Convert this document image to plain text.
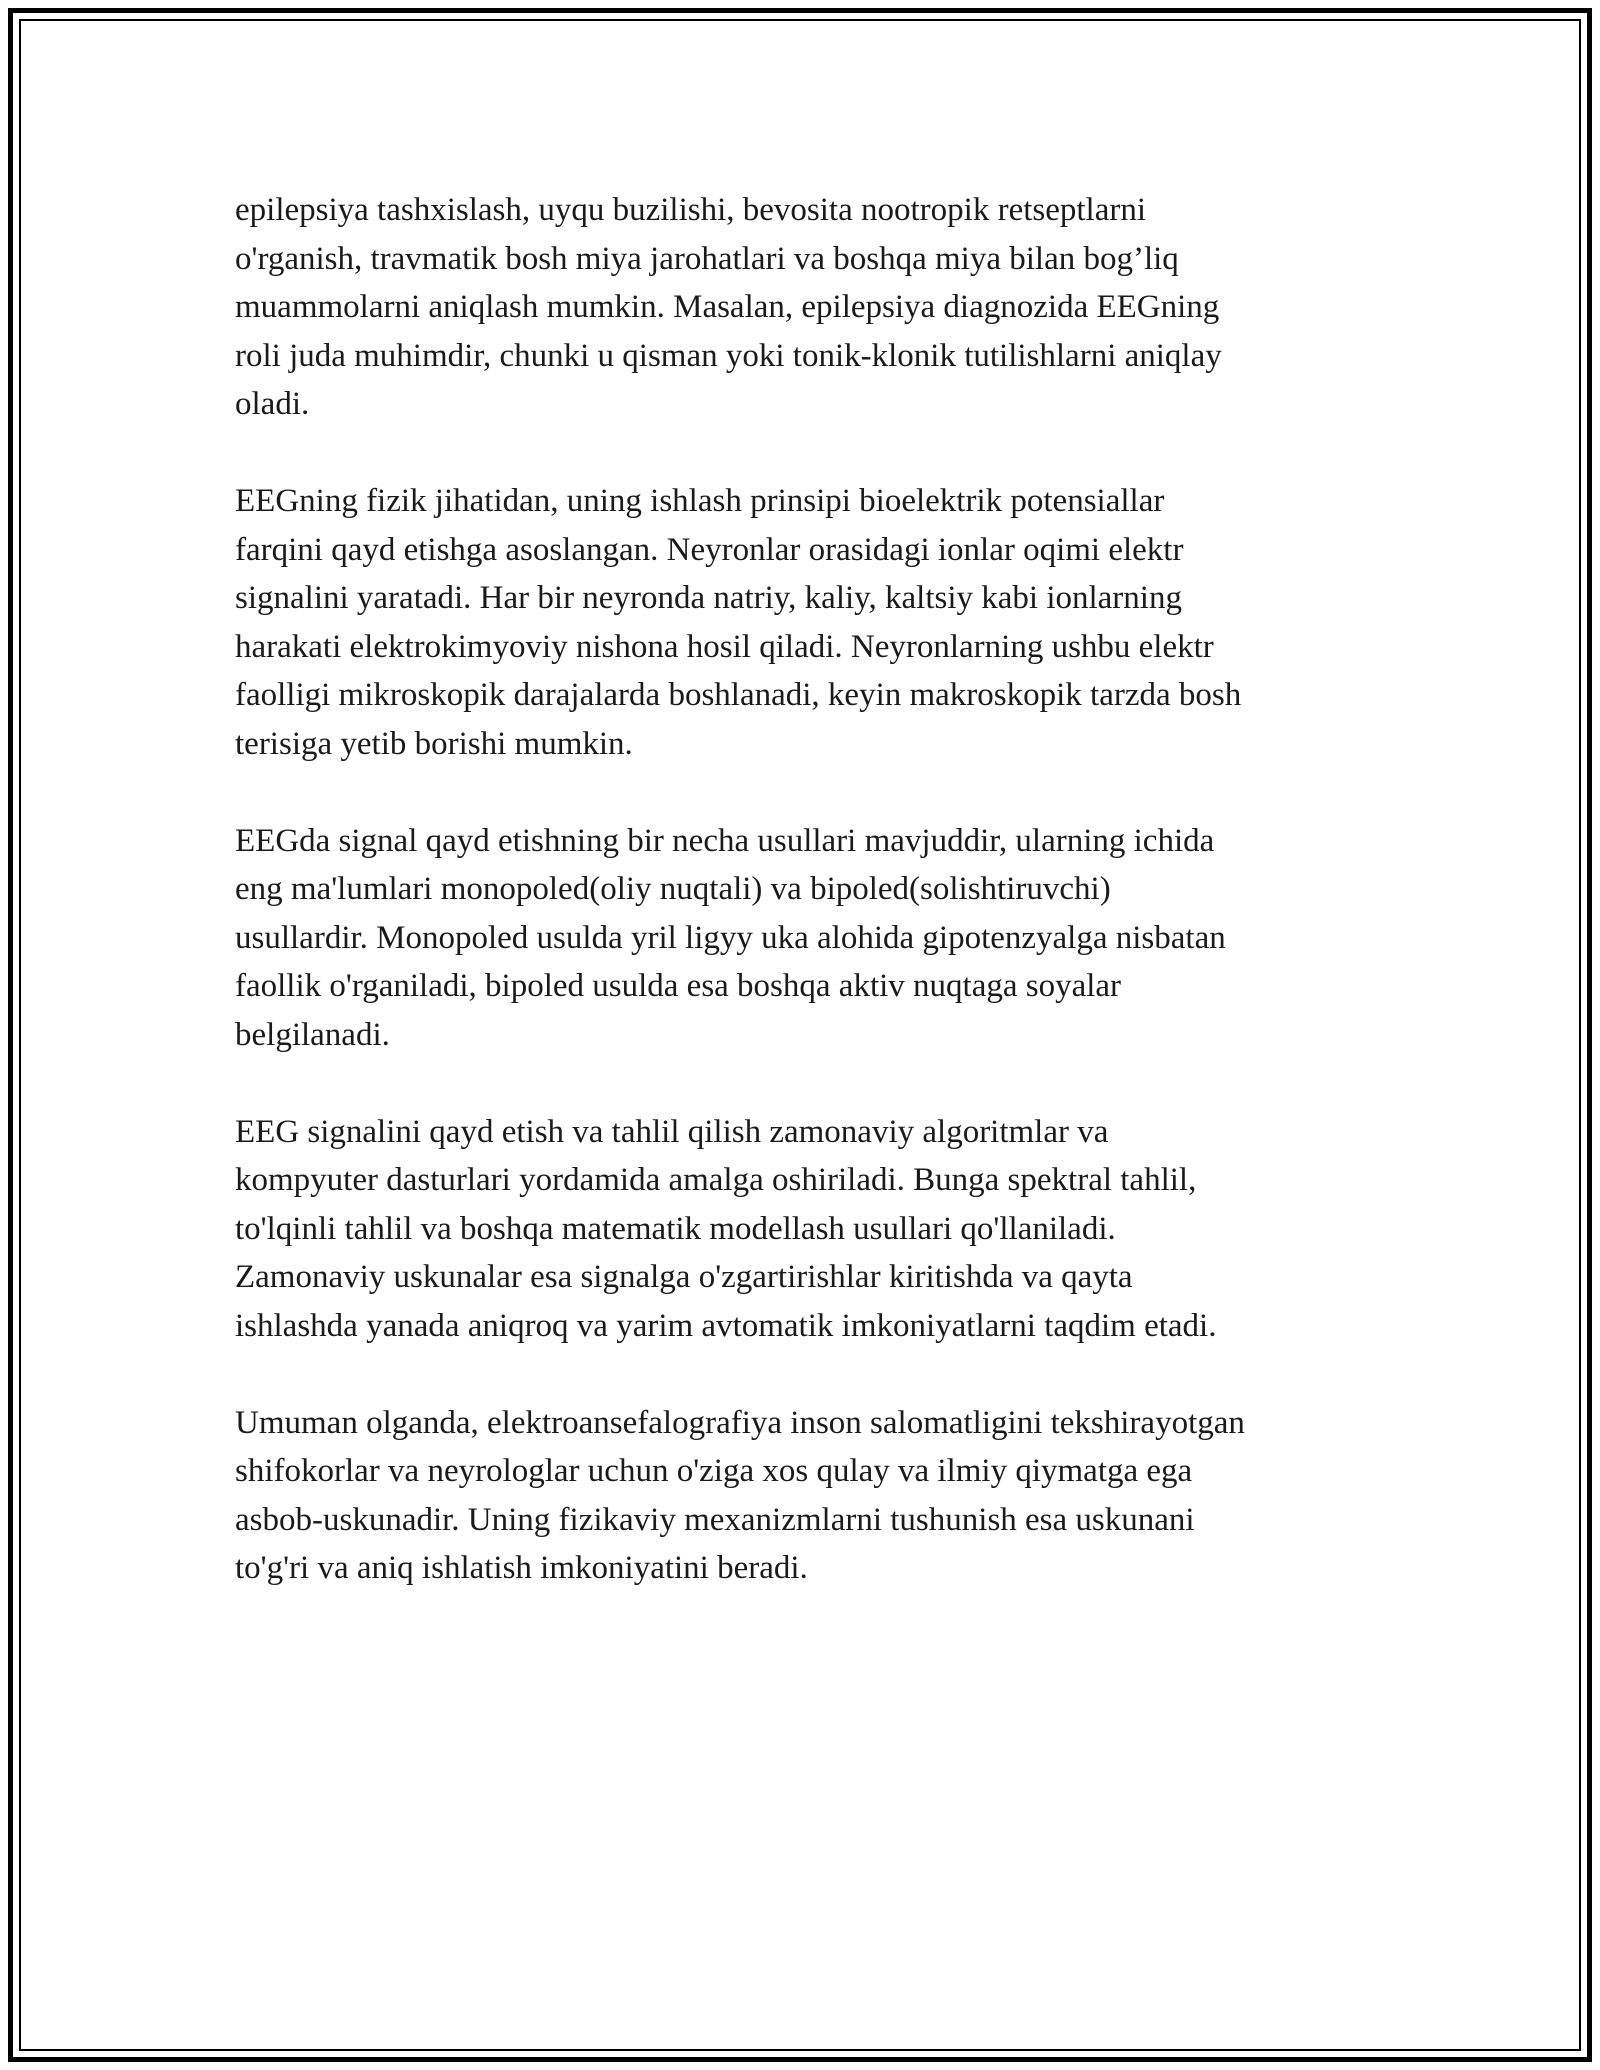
epilepsiya tashxislash, uyqu buzilishi, bevosita nootropik retseptlarni
o'rganish, travmatik bosh miya jarohatlari va boshqa miya bilan bog’liq
muammolarni aniqlash mumkin. Masalan, epilepsiya diagnozida EEGning
roli juda muhimdir, chunki u qisman yoki tonik-klonik tutilishlarni aniqlay
oladi.

EEGning fizik jihatidan, uning ishlash prinsipi bioelektrik potensiallar
farqini qayd etishga asoslangan. Neyronlar orasidagi ionlar oqimi elektr
signalini yaratadi. Har bir neyronda natriy, kaliy, kaltsiy kabi ionlarning
harakati elektrokimyoviy nishona hosil qiladi. Neyronlarning ushbu elektr
faolligi mikroskopik darajalarda boshlanadi, keyin makroskopik tarzda bosh
terisiga yetib borishi mumkin.

EEGda signal qayd etishning bir necha usullari mavjuddir, ularning ichida
eng ma'lumlari monopoled(oliy nuqtali) va bipoled(solishtiruvchi)
usullardir. Monopoled usulda yril ligyy uka alohida gipotenzyalga nisbatan
faollik o'rganiladi, bipoled usulda esa boshqa aktiv nuqtaga soyalar
belgilanadi.

EEG signalini qayd etish va tahlil qilish zamonaviy algoritmlar va
kompyuter dasturlari yordamida amalga oshiriladi. Bunga spektral tahlil,
to'lqinli tahlil va boshqa matematik modellash usullari qo'llaniladi.
Zamonaviy uskunalar esa signalga o'zgartirishlar kiritishda va qayta
ishlashda yanada aniqroq va yarim avtomatik imkoniyatlarni taqdim etadi.

Umuman olganda, elektroansefalografiya inson salomatligini tekshirayotgan
shifokorlar va neyrologlar uchun o'ziga xos qulay va ilmiy qiymatga ega
asbob-uskunadir. Uning fizikaviy mexanizmlarni tushunish esa uskunani
to'g'ri va aniq ishlatish imkoniyatini beradi.
